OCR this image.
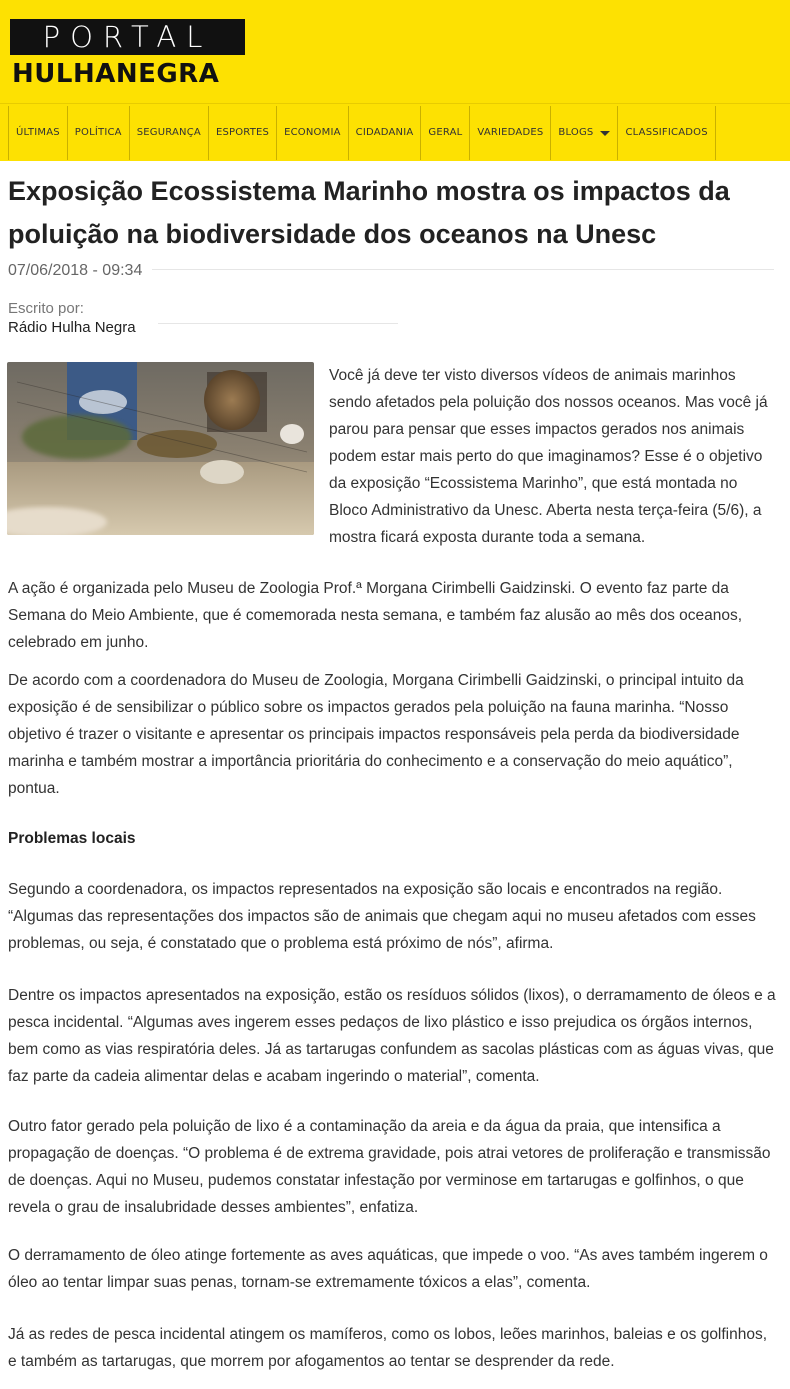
PORTAL
HULHANEGRA
ÚLTIMAS	POLÍTICA	SEGURANÇA	ESPORTES	ECONOMIA	CIDADANIA	GERAL	VARIEDADES	BLOGS	CLASSIFICADOS
Exposição Ecossistema Marinho mostra os impactos da poluição na biodiversidade dos oceanos na Unesc
07/06/2018 - 09:34
Escrito por:
Rádio Hulha Negra

Você já deve ter visto diversos vídeos de animais marinhos sendo afetados pela poluição dos nossos oceanos. Mas você já parou para pensar que esses impactos gerados nos animais podem estar mais perto do que imaginamos? Esse é o objetivo da exposição “Ecossistema Marinho”, que está montada no Bloco Administrativo da Unesc. Aberta nesta terça-feira (5/6), a mostra ficará exposta durante toda a semana.

A ação é organizada pelo Museu de Zoologia Prof.ª Morgana Cirimbelli Gaidzinski. O evento faz parte da Semana do Meio Ambiente, que é comemorada nesta semana, e também faz alusão ao mês dos oceanos, celebrado em junho.

De acordo com a coordenadora do Museu de Zoologia, Morgana Cirimbelli Gaidzinski, o principal intuito da exposição é de sensibilizar o público sobre os impactos gerados pela poluição na fauna marinha. “Nosso objetivo é trazer o visitante e apresentar os principais impactos responsáveis pela perda da biodiversidade marinha e também mostrar a importância prioritária do conhecimento e a conservação do meio aquático”, pontua.

Problemas locais

Segundo a coordenadora, os impactos representados na exposição são locais e encontrados na região. “Algumas das representações dos impactos são de animais que chegam aqui no museu afetados com esses problemas, ou seja, é constatado que o problema está próximo de nós”, afirma.

Dentre os impactos apresentados na exposição, estão os resíduos sólidos (lixos), o derramamento de óleos e a pesca incidental. “Algumas aves ingerem esses pedaços de lixo plástico e isso prejudica os órgãos internos, bem como as vias respiratória deles. Já as tartarugas confundem as sacolas plásticas com as águas vivas, que faz parte da cadeia alimentar delas e acabam ingerindo o material”, comenta.

Outro fator gerado pela poluição de lixo é a contaminação da areia e da água da praia, que intensifica a propagação de doenças. “O problema é de extrema gravidade, pois atrai vetores de proliferação e transmissão de doenças. Aqui no Museu, pudemos constatar infestação por verminose em tartarugas e golfinhos, o que revela o grau de insalubridade desses ambientes”, enfatiza.

O derramamento de óleo atinge fortemente as aves aquáticas, que impede o voo. “As aves também ingerem o óleo ao tentar limpar suas penas, tornam-se extremamente tóxicos a elas”, comenta.

Já as redes de pesca incidental atingem os mamíferos, como os lobos, leões marinhos, baleias e os golfinhos, e também as tartarugas, que morrem por afogamentos ao tentar se desprender da rede.
